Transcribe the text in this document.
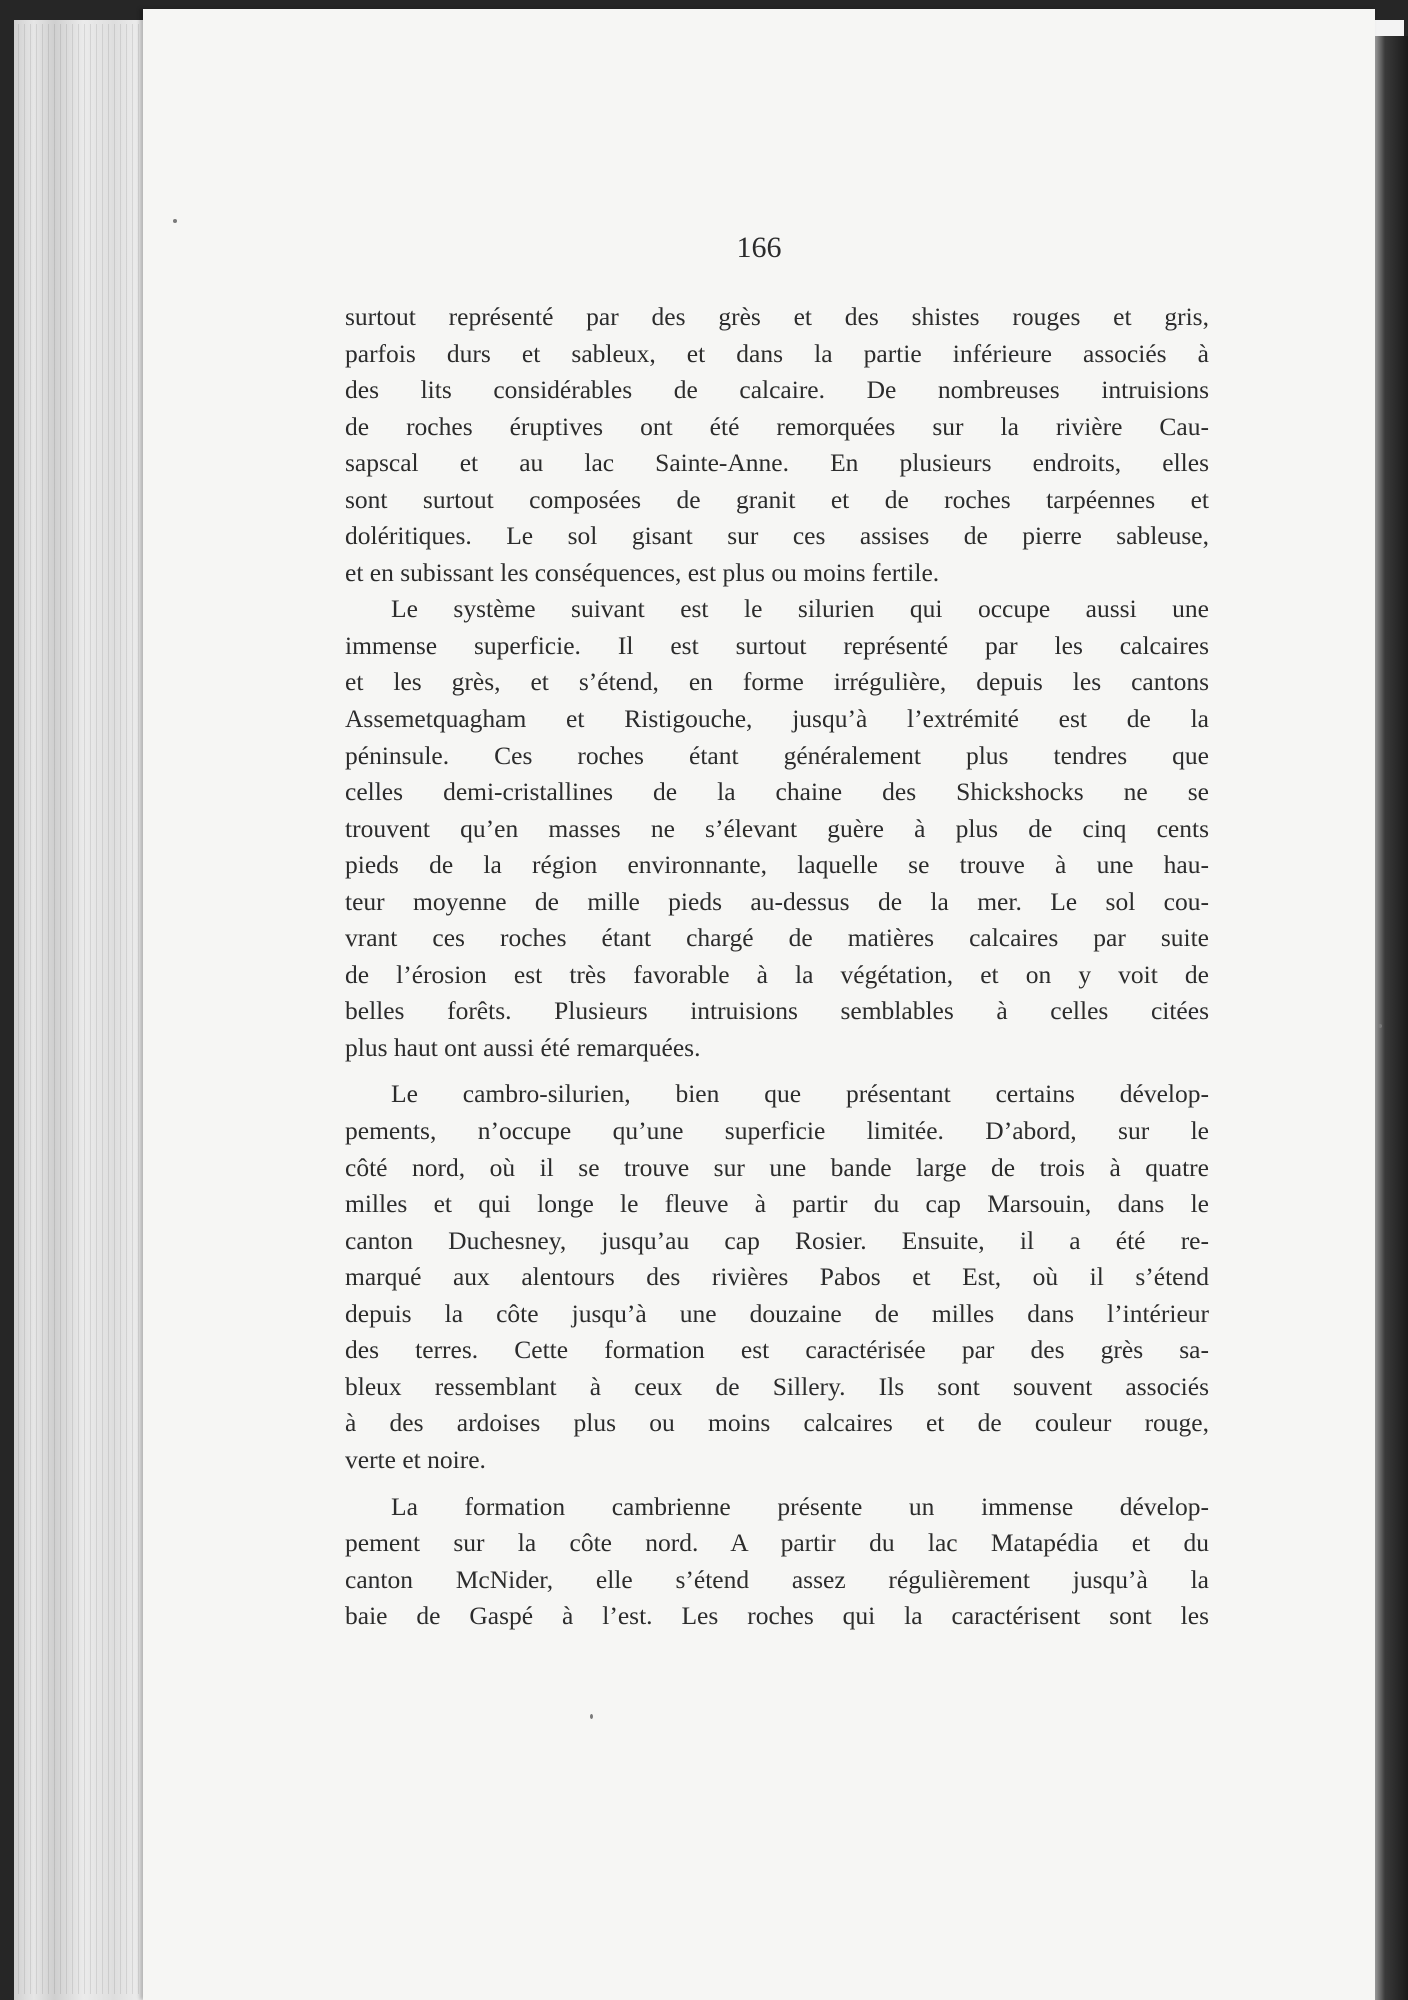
166

surtout représenté par des grès et des shistes rouges et gris,
parfois durs et sableux, et dans la partie inférieure associés à
des lits considérables de calcaire. De nombreuses intruisions
de roches éruptives ont été remorquées sur la rivière Cau-
sapscal et au lac Sainte-Anne. En plusieurs endroits, elles
sont surtout composées de granit et de roches tarpéennes et
doléritiques. Le sol gisant sur ces assises de pierre sableuse,
et en subissant les conséquences, est plus ou moins fertile.

Le système suivant est le silurien qui occupe aussi une
immense superficie. Il est surtout représenté par les calcaires
et les grès, et s’étend, en forme irrégulière, depuis les cantons
Assemetquagham et Ristigouche, jusqu’à l’extrémité est de la
péninsule. Ces roches étant généralement plus tendres que
celles demi-cristallines de la chaine des Shickshocks ne se
trouvent qu’en masses ne s’élevant guère à plus de cinq cents
pieds de la région environnante, laquelle se trouve à une hau-
teur moyenne de mille pieds au-dessus de la mer. Le sol cou-
vrant ces roches étant chargé de matières calcaires par suite
de l’érosion est très favorable à la végétation, et on y voit de
belles forêts. Plusieurs intruisions semblables à celles citées
plus haut ont aussi été remarquées.

Le cambro-silurien, bien que présentant certains dévelop-
pements, n’occupe qu’une superficie limitée. D’abord, sur le
côté nord, où il se trouve sur une bande large de trois à quatre
milles et qui longe le fleuve à partir du cap Marsouin, dans le
canton Duchesney, jusqu’au cap Rosier. Ensuite, il a été re-
marqué aux alentours des rivières Pabos et Est, où il s’étend
depuis la côte jusqu’à une douzaine de milles dans l’intérieur
des terres. Cette formation est caractérisée par des grès sa-
bleux ressemblant à ceux de Sillery. Ils sont souvent associés
à des ardoises plus ou moins calcaires et de couleur rouge,
verte et noire.

La formation cambrienne présente un immense dévelop-
pement sur la côte nord. A partir du lac Matapédia et du
canton McNider, elle s’étend assez régulièrement jusqu’à la
baie de Gaspé à l’est. Les roches qui la caractérisent sont les
